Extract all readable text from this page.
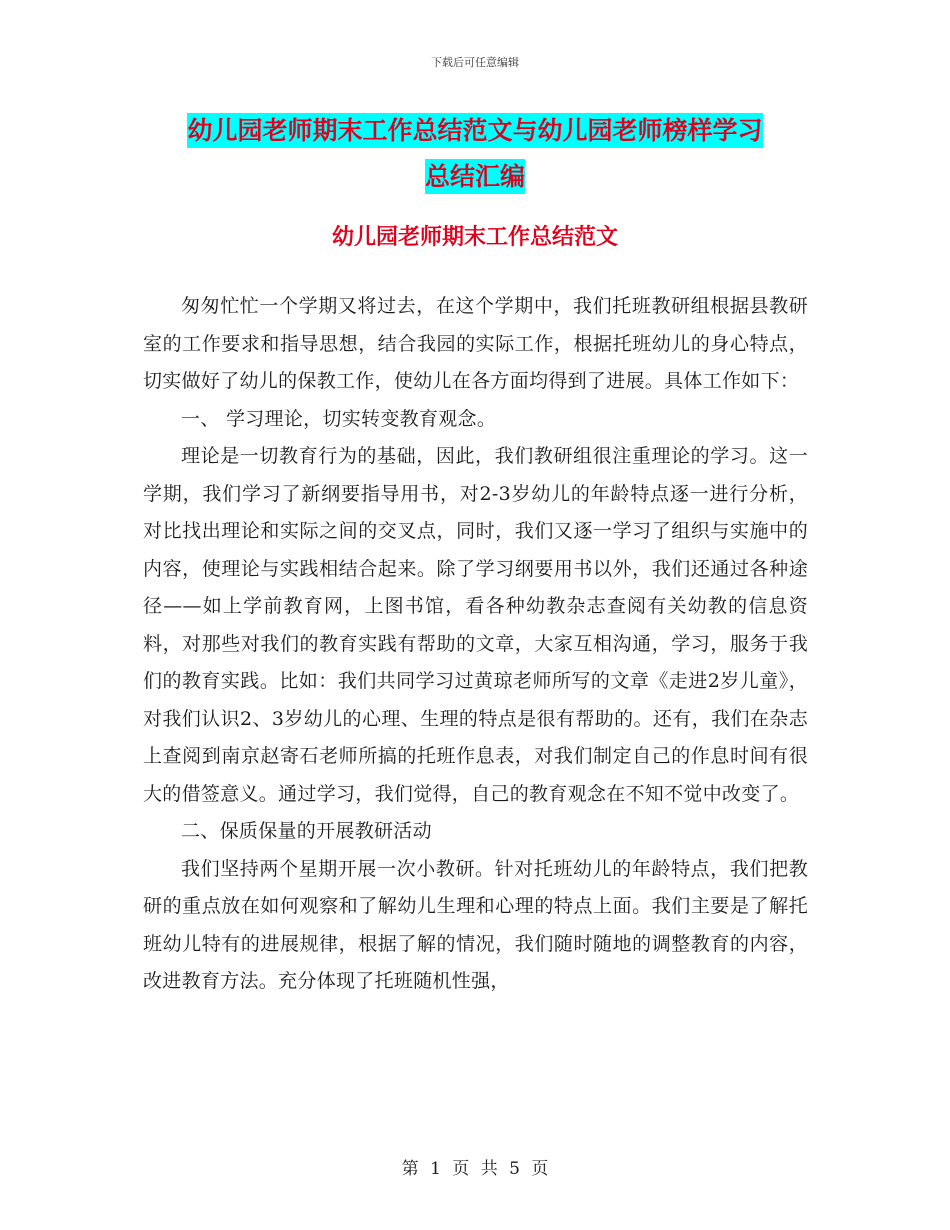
下载后可任意编辑
幼儿园老师期末工作总结范文与幼儿园老师榜样学习
总结汇编
幼儿园老师期末工作总结范文

匆匆忙忙一个学期又将过去，在这个学期中，我们托班教研组根据县教研室的工作要求和指导思想，结合我园的实际工作，根据托班幼儿的身心特点，切实做好了幼儿的保教工作，使幼儿在各方面均得到了进展。具体工作如下：

一、 学习理论，切实转变教育观念。

理论是一切教育行为的基础，因此，我们教研组很注重理论的学习。这一学期，我们学习了新纲要指导用书，对2-3岁幼儿的年龄特点逐一进行分析，对比找出理论和实际之间的交叉点，同时，我们又逐一学习了组织与实施中的内容，使理论与实践相结合起来。除了学习纲要用书以外，我们还通过各种途径——如上学前教育网，上图书馆，看各种幼教杂志查阅有关幼教的信息资料，对那些对我们的教育实践有帮助的文章，大家互相沟通，学习，服务于我们的教育实践。比如：我们共同学习过黄琼老师所写的文章《走进2岁儿童》，对我们认识2、3岁幼儿的心理、生理的特点是很有帮助的。还有，我们在杂志上查阅到南京赵寄石老师所搞的托班作息表，对我们制定自己的作息时间有很大的借签意义。通过学习，我们觉得，自己的教育观念在不知不觉中改变了。

二、保质保量的开展教研活动

我们坚持两个星期开展一次小教研。针对托班幼儿的年龄特点，我们把教研的重点放在如何观察和了解幼儿生理和心理的特点上面。我们主要是了解托班幼儿特有的进展规律，根据了解的情况，我们随时随地的调整教育的内容，改进教育方法。充分体现了托班随机性强，

第 1 页 共 5 页
